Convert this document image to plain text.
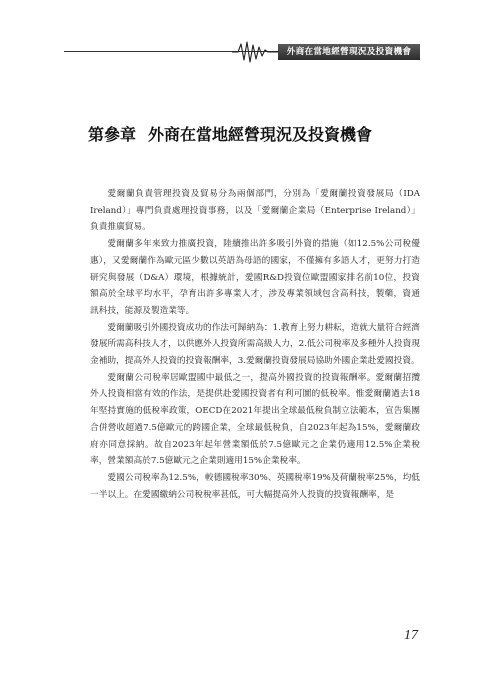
外商在當地經營現況及投資機會
第參章 外商在當地經營現況及投資機會

愛爾蘭負責管理投資及貿易分為兩個部門，分別為「愛爾蘭投資發展局（IDA Ireland）」專門負責處理投資事務，以及「愛爾蘭企業局（Enterprise Ireland）」負責推廣貿易。

愛爾蘭多年來致力推廣投資，陸續推出許多吸引外資的措施（如12.5%公司稅優惠），又愛爾蘭作為歐元區少數以英語為母語的國家，不僅擁有多語人才，更努力打造研究與發展（D&A）環境，根據統計，愛國R&D投資位歐盟國家排名前10位，投資額高於全球平均水平，孕育出許多專業人才，涉及專業領域包含高科技，製藥，資通訊科技，能源及製造業等。

愛爾蘭吸引外國投資成功的作法可歸納為：1.教育上努力耕耘，造就大量符合經濟發展所需高科技人才，以供應外人投資所需高級人力，2.低公司稅率及多種外人投資現金補助，提高外人投資的投資報酬率，3.愛爾蘭投資發展局協助外國企業赴愛國投資。

愛爾蘭公司稅率居歐盟國中最低之一，提高外國投資的投資報酬率。愛爾蘭招攬外人投資相當有效的作法，是提供赴愛國投資者有利可圖的低稅率。惟愛爾蘭過去18年堅持實施的低稅率政策，OECD在2021年提出全球最低稅負制立法範本，宣告集團合併營收超過7.5億歐元的跨國企業，全球最低稅負，自2023年起為15%，愛爾蘭政府亦同意採納。故自2023年起年營業額低於7.5億歐元之企業仍適用12.5%企業稅率，營業額高於7.5億歐元之企業則適用15%企業稅率。

愛國公司稅率為12.5%，較德國稅率30%、英國稅率19%及荷蘭稅率25%，均低一半以上。在愛國繳納公司稅稅率甚低，可大幅提高外人投資的投資報酬率，是

17
